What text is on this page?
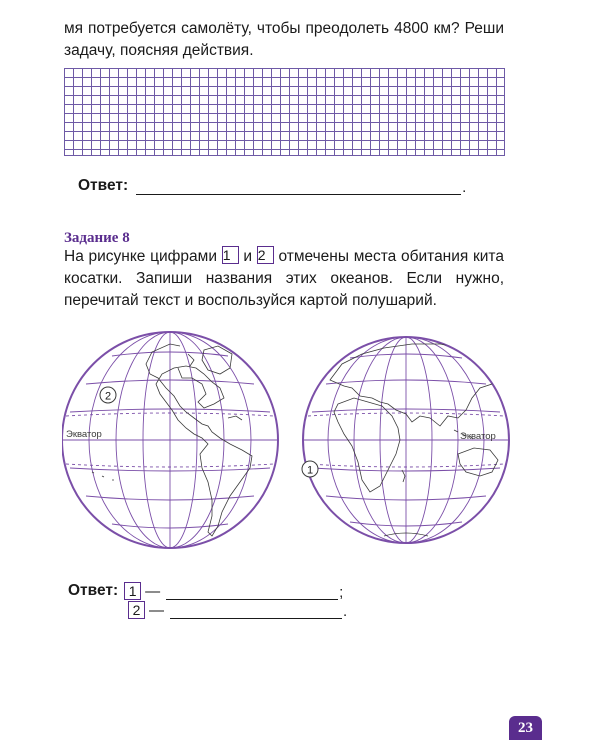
мя потребуется самолёту, чтобы преодолеть 4800 км? Реши задачу, поясняя действия.
Ответ:	.
Задание 8
На рисунке цифрами 1 и 2 отмечены места обитания кита косатки. Запиши названия этих океанов. Если нужно, перечитай текст и воспользуйся картой полушарий.
2
Экватор
1
Экватор
Ответ: 1 —	;
2 —	.
23
